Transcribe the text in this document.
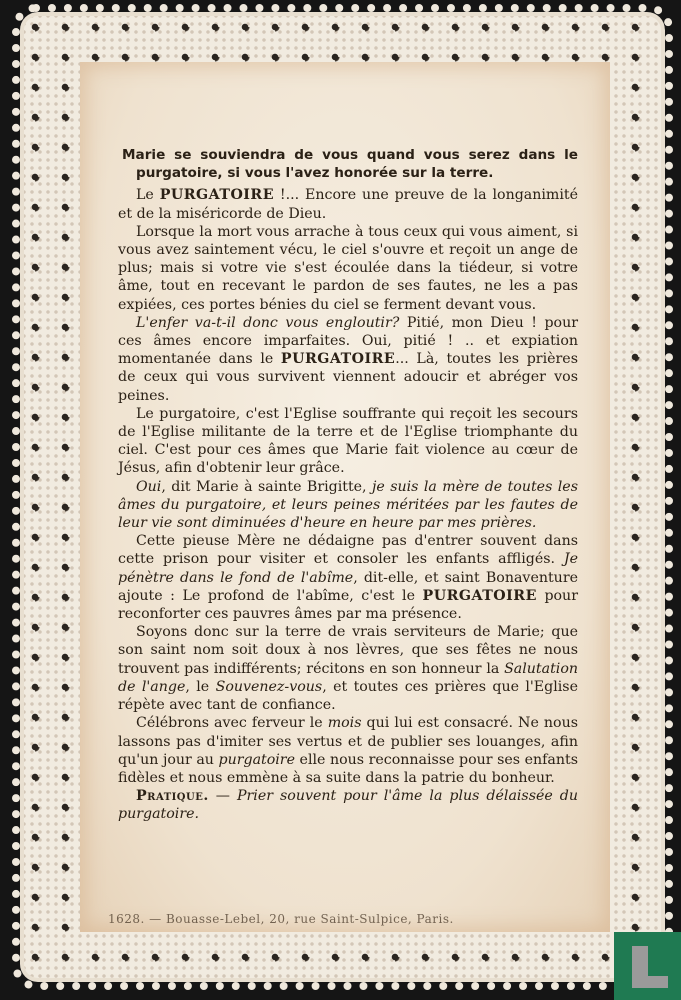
Marie se souviendra de vous quand vous serez dans le purgatoire, si vous l'avez honorée sur la terre.

Le PURGATOIRE !... Encore une preuve de la longanimité et de la miséricorde de Dieu.

Lorsque la mort vous arrache à tous ceux qui vous aiment, si vous avez saintement vécu, le ciel s'ouvre et reçoit un ange de plus; mais si votre vie s'est écoulée dans la tiédeur, si votre âme, tout en recevant le pardon de ses fautes, ne les a pas expiées, ces portes bénies du ciel se ferment devant vous.

L'enfer va-t-il donc vous engloutir? Pitié, mon Dieu ! pour ces âmes encore imparfaites. Oui, pitié ! .. et expiation momentanée dans le PURGATOIRE... Là, toutes les prières de ceux qui vous survivent viennent adoucir et abréger vos peines.

Le purgatoire, c'est l'Eglise souffrante qui reçoit les secours de l'Eglise militante de la terre et de l'Eglise triomphante du ciel. C'est pour ces âmes que Marie fait violence au cœur de Jésus, afin d'obtenir leur grâce.

Oui, dit Marie à sainte Brigitte, je suis la mère de toutes les âmes du purgatoire, et leurs peines méritées par les fautes de leur vie sont diminuées d'heure en heure par mes prières.

Cette pieuse Mère ne dédaigne pas d'entrer souvent dans cette prison pour visiter et consoler les enfants affligés. Je pénètre dans le fond de l'abîme, dit-elle, et saint Bonaventure ajoute : Le profond de l'abîme, c'est le PURGATOIRE pour reconforter ces pauvres âmes par ma présence.

Soyons donc sur la terre de vrais serviteurs de Marie; que son saint nom soit doux à nos lèvres, que ses fêtes ne nous trouvent pas indifférents; récitons en son honneur la Salutation de l'ange, le Souvenez-vous, et toutes ces prières que l'Eglise répète avec tant de confiance.

Célébrons avec ferveur le mois qui lui est consacré. Ne nous lassons pas d'imiter ses vertus et de publier ses louanges, afin qu'un jour au purgatoire elle nous reconnaisse pour ses enfants fidèles et nous emmène à sa suite dans la patrie du bonheur.

Pratique. — Prier souvent pour l'âme la plus délaissée du purgatoire.

1628. — Bouasse-Lebel, 20, rue Saint-Sulpice, Paris.
